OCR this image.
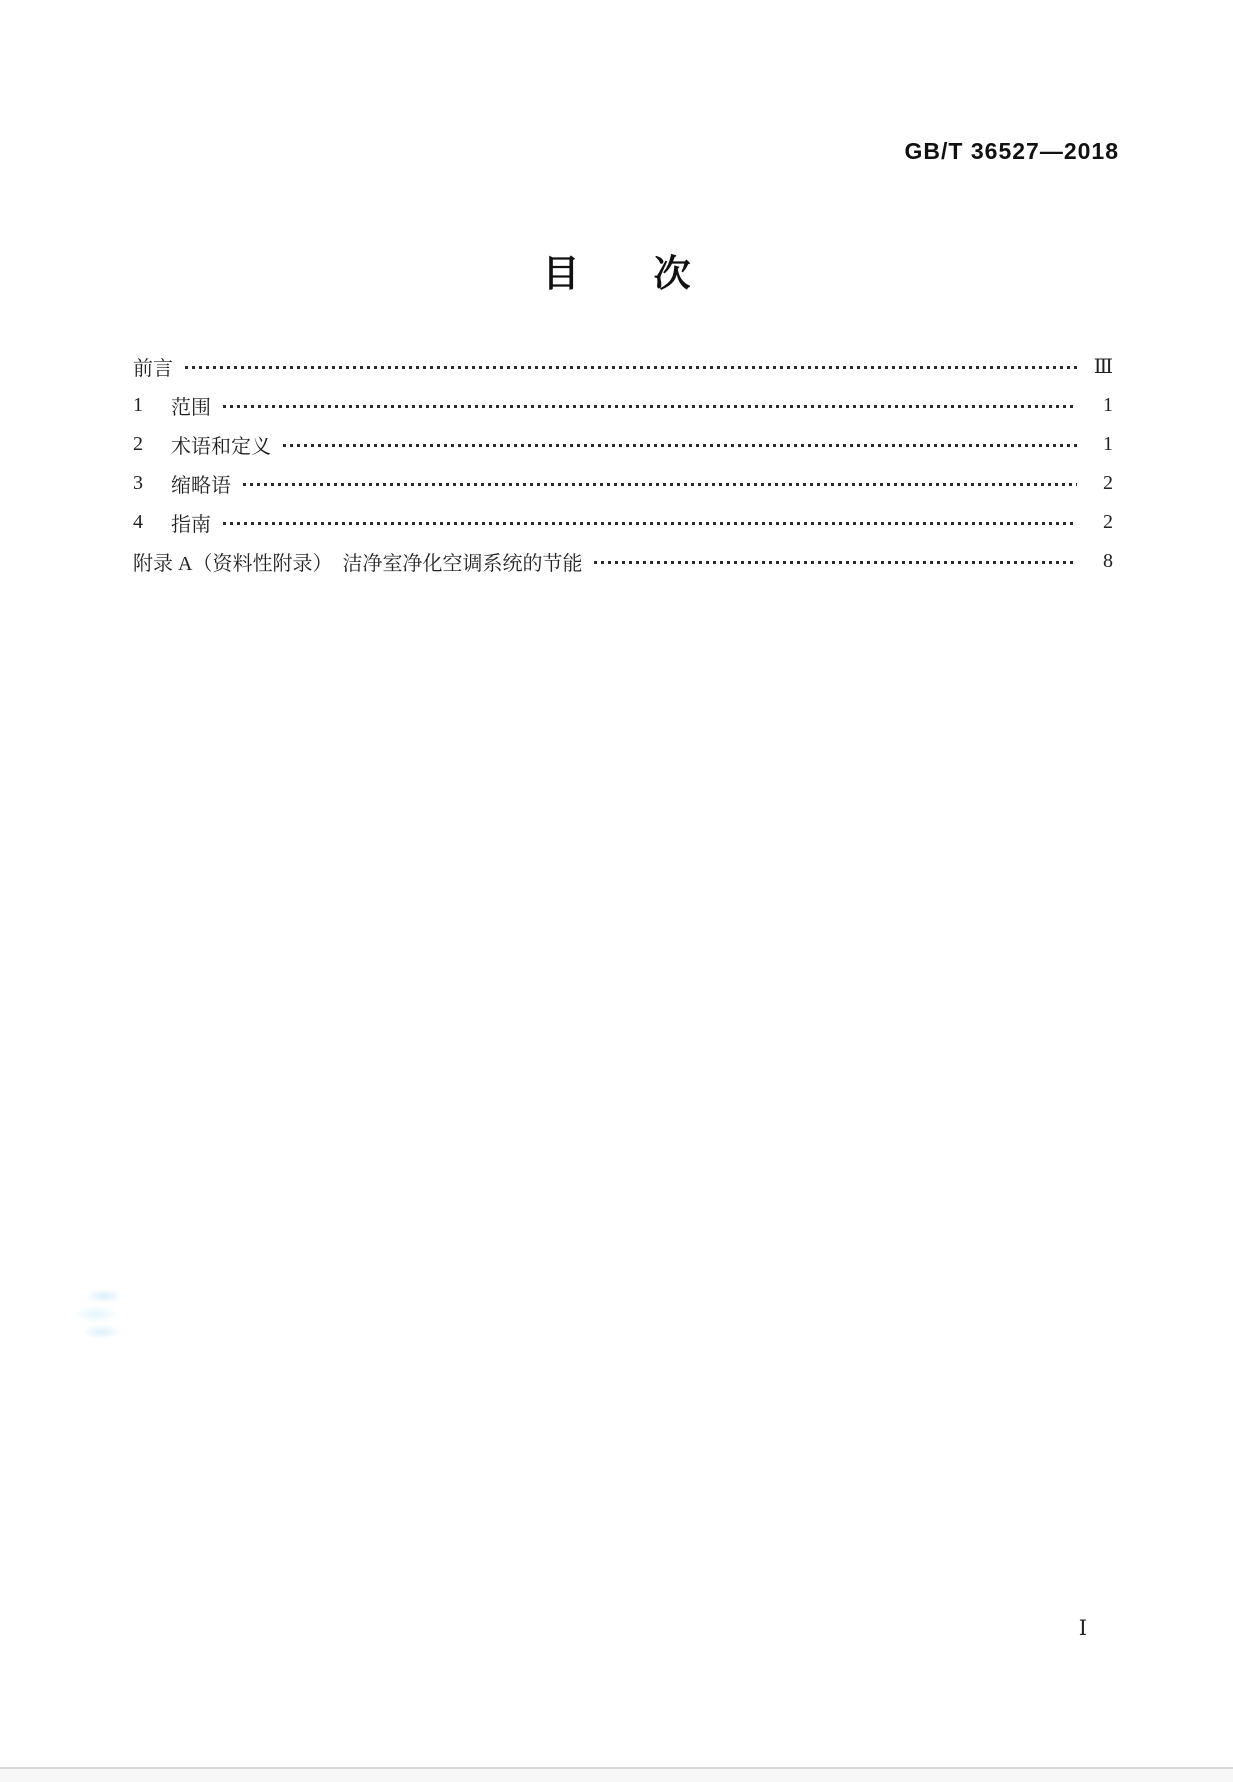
GB/T 36527—2018
目　次
前言	Ⅲ
1	范围	1
2	术语和定义	1
3	缩略语	2
4	指南	2
附录 A（资料性附录）　洁净室净化空调系统的节能	8
Ⅰ
